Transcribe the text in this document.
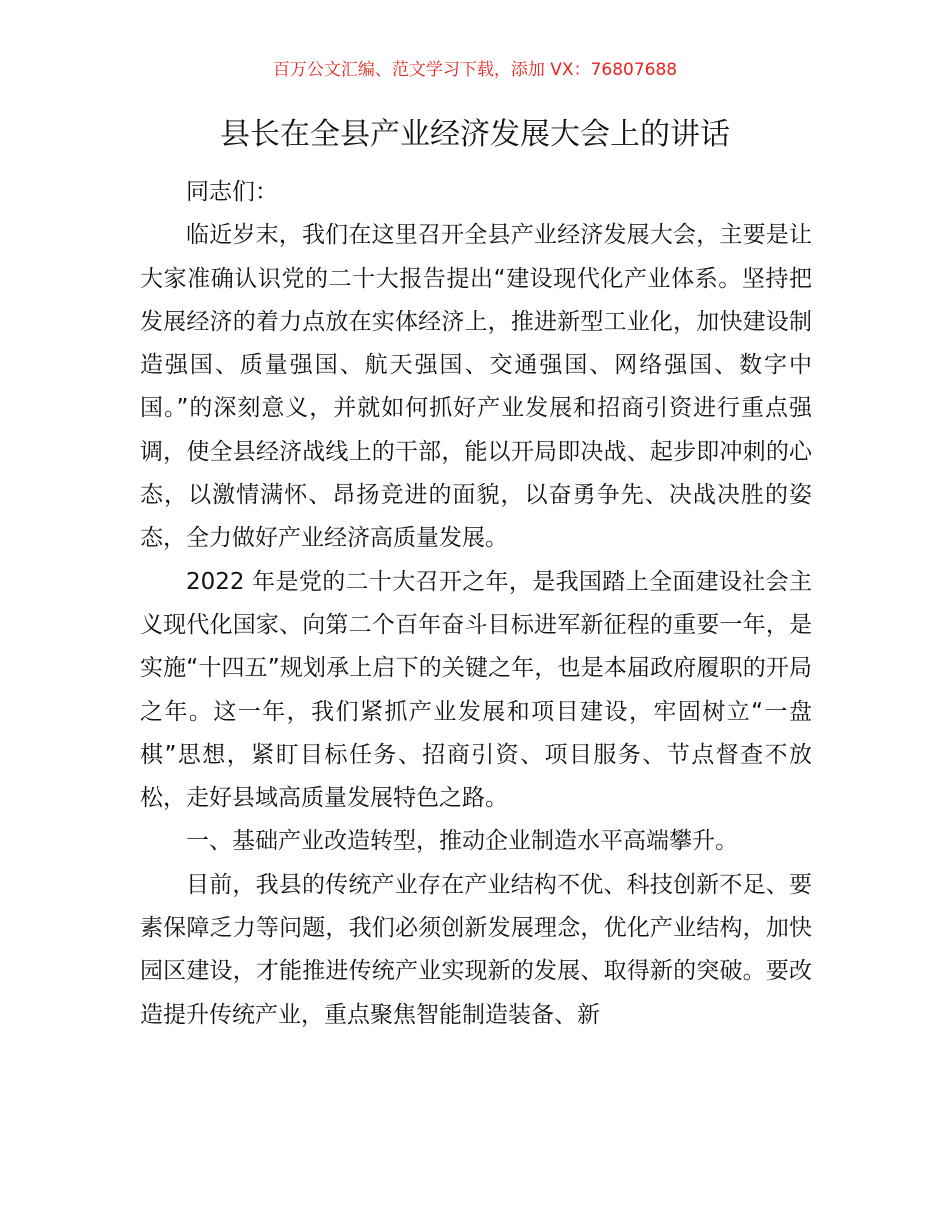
百万公文汇编、范文学习下载，添加 VX：76807688
县长在全县产业经济发展大会上的讲话

同志们：

临近岁末，我们在这里召开全县产业经济发展大会，主要是让大家准确认识党的二十大报告提出“建设现代化产业体系。坚持把发展经济的着力点放在实体经济上，推进新型工业化，加快建设制造强国、质量强国、航天强国、交通强国、网络强国、数字中国。”的深刻意义，并就如何抓好产业发展和招商引资进行重点强调，使全县经济战线上的干部，能以开局即决战、起步即冲刺的心态，以激情满怀、昂扬竞进的面貌，以奋勇争先、决战决胜的姿态，全力做好产业经济高质量发展。

2022 年是党的二十大召开之年，是我国踏上全面建设社会主义现代化国家、向第二个百年奋斗目标进军新征程的重要一年，是实施“十四五”规划承上启下的关键之年，也是本届政府履职的开局之年。这一年，我们紧抓产业发展和项目建设，牢固树立“一盘棋”思想，紧盯目标任务、招商引资、项目服务、节点督查不放松，走好县域高质量发展特色之路。

一、基础产业改造转型，推动企业制造水平高端攀升。

目前，我县的传统产业存在产业结构不优、科技创新不足、要素保障乏力等问题，我们必须创新发展理念，优化产业结构，加快园区建设，才能推进传统产业实现新的发展、取得新的突破。要改造提升传统产业，重点聚焦智能制造装备、新
